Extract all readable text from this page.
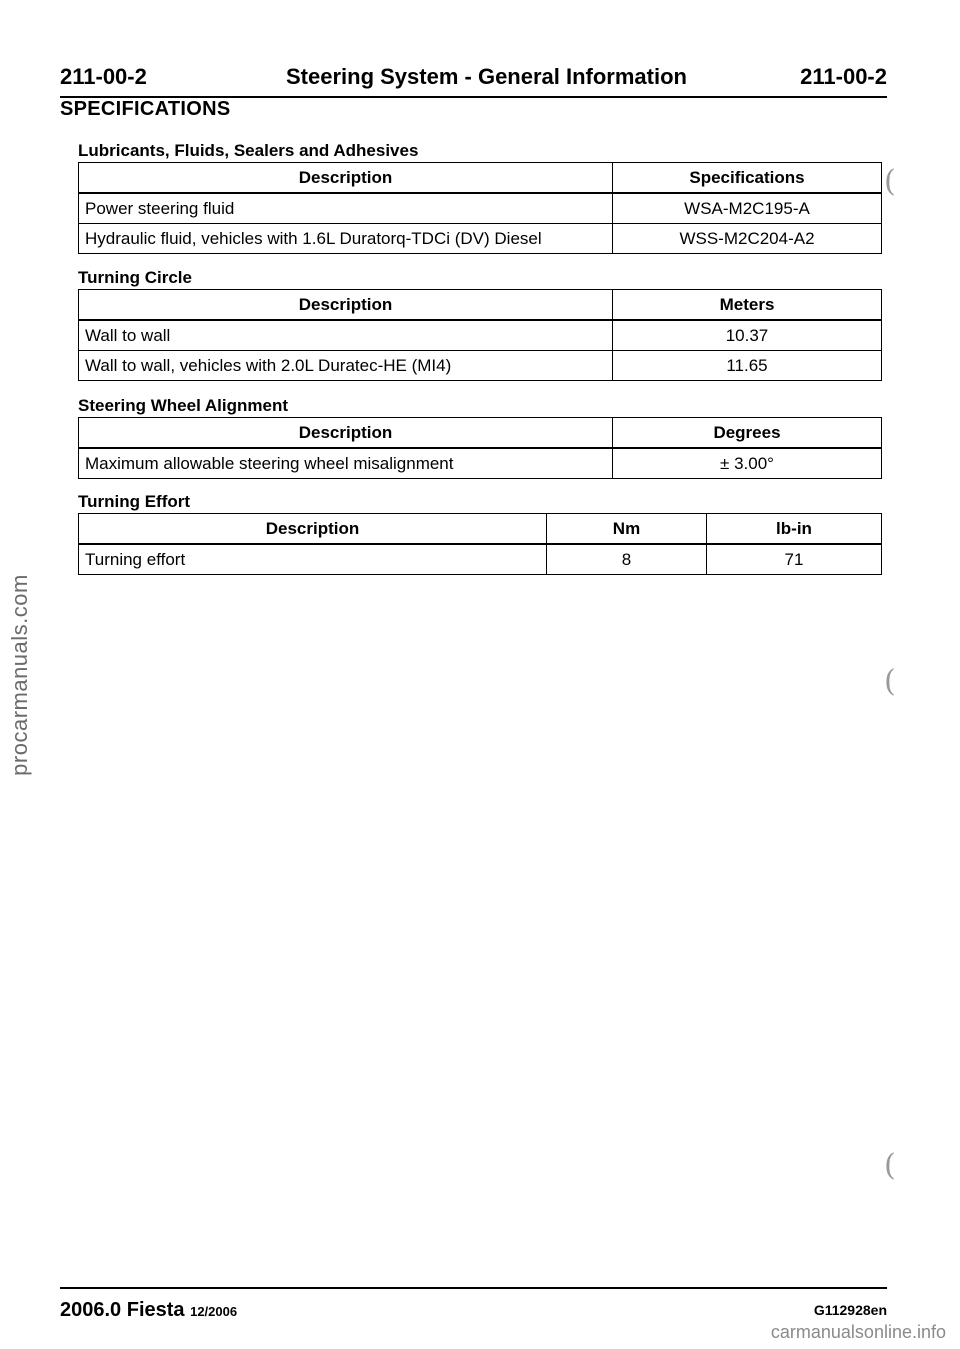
procarmanuals.com
211-00-2	Steering System - General Information	211-00-2
SPECIFICATIONS
Lubricants, Fluids, Sealers and Adhesives
Description	Specifications
Power steering fluid	WSA-M2C195-A
Hydraulic fluid, vehicles with 1.6L Duratorq-TDCi (DV) Diesel	WSS-M2C204-A2
Turning Circle
Description	Meters
Wall to wall	10.37
Wall to wall, vehicles with 2.0L Duratec-HE (MI4)	11.65
Steering Wheel Alignment
Description	Degrees
Maximum allowable steering wheel misalignment	± 3.00°
Turning Effort
Description	Nm	lb-in
Turning effort	8	71
(
(
(
2006.0 Fiesta 12/2006	G112928en
carmanualsonline.info
